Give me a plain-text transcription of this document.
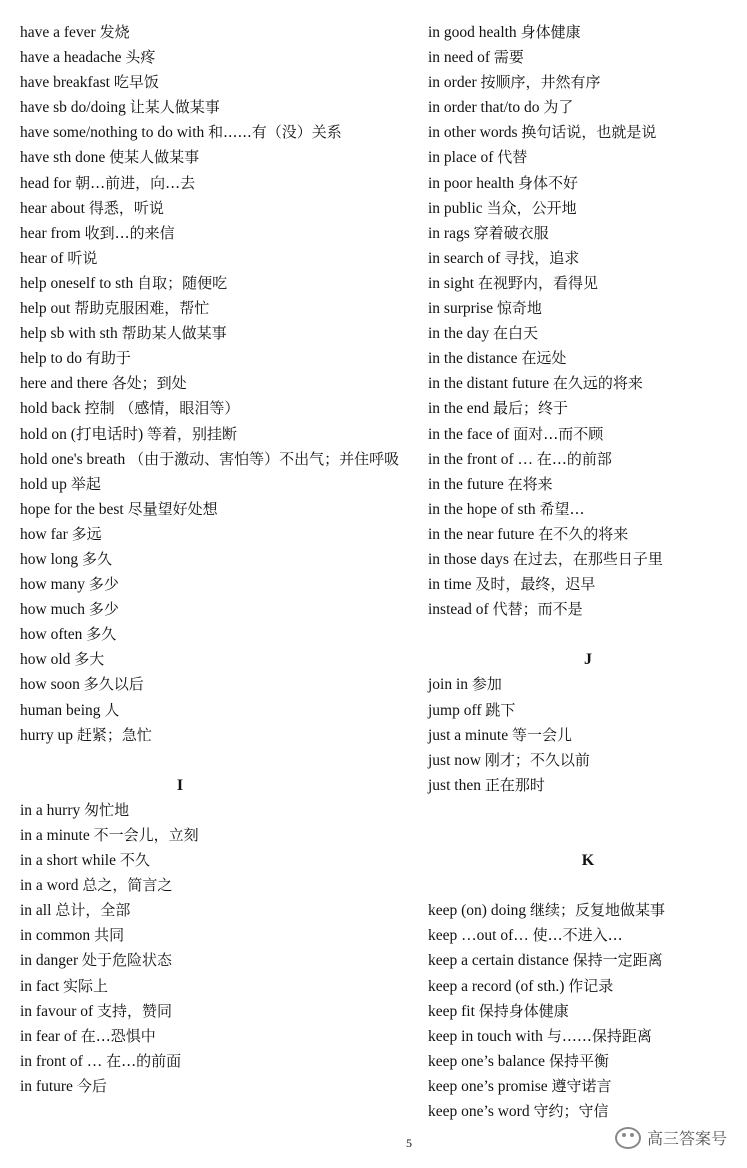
have a fever 发烧
have a headache 头疼
have breakfast 吃早饭
have sb do/doing 让某人做某事
have some/nothing to do with 和......有（没）关系
have sth done 使某人做某事
head for 朝…前进，向…去
hear about 得悉，听说
hear from 收到…的来信
hear of 听说
help oneself to sth 自取；随便吃
help out 帮助克服困难，帮忙
help sb with sth 帮助某人做某事
help to do 有助于
here and there 各处；到处
hold back 控制 （感情，眼泪等）
hold on (打电话时) 等着，别挂断
hold one's breath （由于激动、害怕等）不出气；并住呼吸
hold up 举起
hope for the best 尽量望好处想
how far 多远
how long 多久
how many 多少
how much 多少
how often 多久
how old 多大
how soon 多久以后
human being 人
hurry up 赶紧；急忙
I
in a hurry 匆忙地
in a minute 不一会儿，立刻
in a short while 不久
in a word 总之，简言之
in all 总计，全部
in common 共同
in danger 处于危险状态
in fact 实际上
in favour of 支持，赞同
in fear of 在…恐惧中
in front of … 在…的前面
in future 今后
in good health 身体健康
in need of 需要
in order 按顺序，井然有序
in order that/to do 为了
in other words 换句话说，也就是说
in place of 代替
in poor health 身体不好
in public 当众，公开地
in rags 穿着破衣服
in search of 寻找，追求
in sight 在视野内，看得见
in surprise 惊奇地
in the day 在白天
in the distance 在远处
in the distant future 在久远的将来
in the end 最后；终于
in the face of 面对…而不顾
in the front of … 在…的前部
in the future 在将来
in the hope of sth 希望…
in the near future 在不久的将来
in those days 在过去，在那些日子里
in time 及时，最终，迟早
instead of 代替；而不是
J
join in 参加
jump off 跳下
just a minute 等一会儿
just now 刚才；不久以前
just then 正在那时
K
keep (on) doing 继续；反复地做某事
keep …out of… 使…不进入…
keep a certain distance 保持一定距离
keep a record (of sth.) 作记录
keep fit 保持身体健康
keep in touch with 与……保持距离
keep one’s balance 保持平衡
keep one’s promise 遵守诺言
keep one’s word 守约；守信
5	高三答案号
